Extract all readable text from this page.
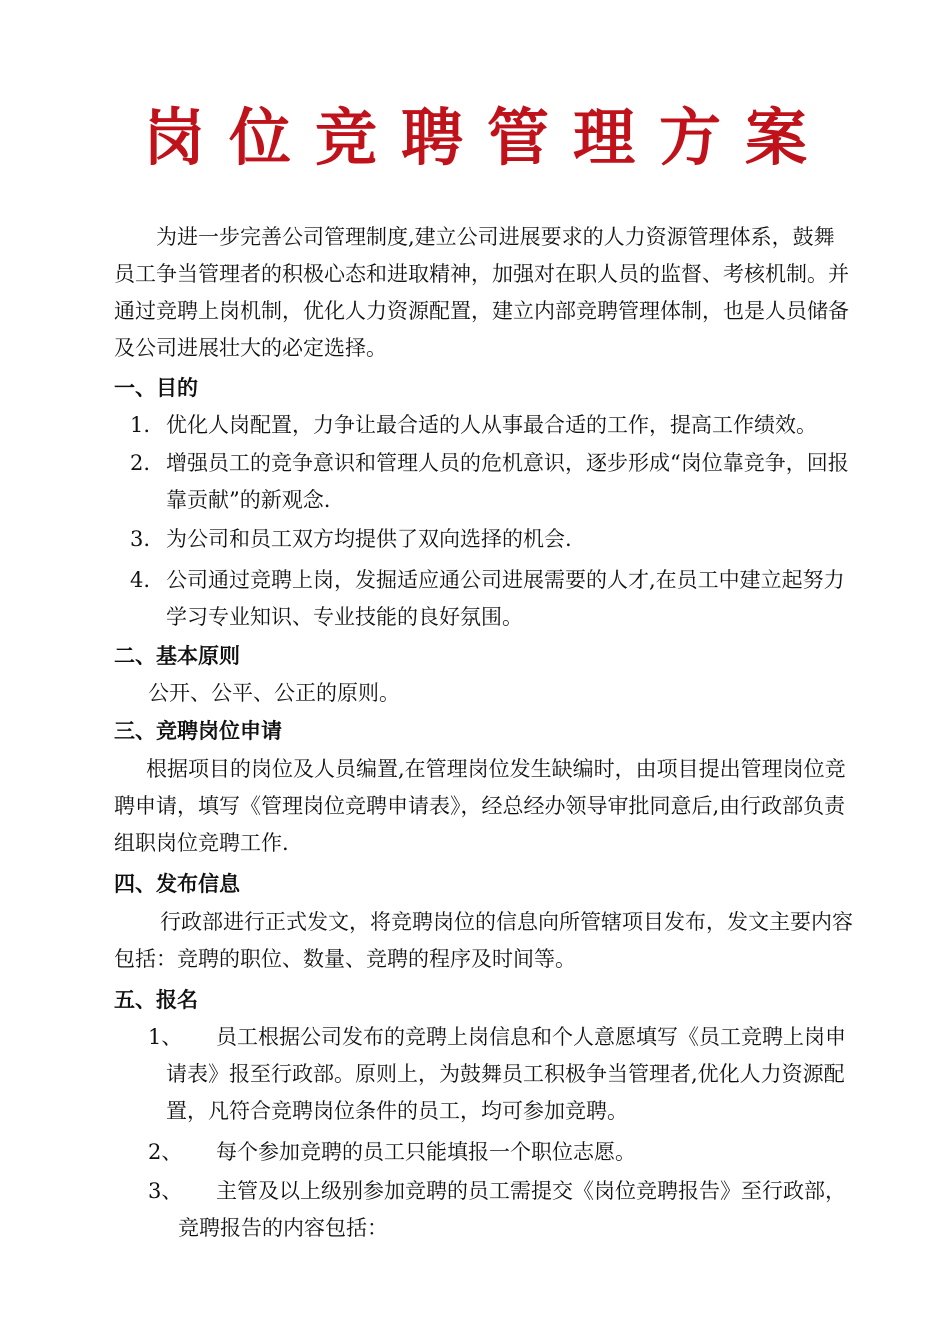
岗位竞聘管理方案

为进一步完善公司管理制度,建立公司进展要求的人力资源管理体系，鼓舞员工争当管理者的积极心态和进取精神，加强对在职人员的监督、考核机制。并通过竞聘上岗机制，优化人力资源配置，建立内部竞聘管理体制，也是人员储备及公司进展壮大的必定选择。

一、目的
1. 优化人岗配置，力争让最合适的人从事最合适的工作，提高工作绩效。
2. 增强员工的竞争意识和管理人员的危机意识，逐步形成“岗位靠竞争，回报靠贡献”的新观念.
3. 为公司和员工双方均提供了双向选择的机会.
4. 公司通过竞聘上岗，发掘适应通公司进展需要的人才,在员工中建立起努力学习专业知识、专业技能的良好氛围。
二、基本原则

公开、公平、公正的原则。

三、竞聘岗位申请

根据项目的岗位及人员编置,在管理岗位发生缺编时，由项目提出管理岗位竞聘申请，填写《管理岗位竞聘申请表》，经总经办领导审批同意后,由行政部负责组职岗位竞聘工作.

四、发布信息

行政部进行正式发文，将竞聘岗位的信息向所管辖项目发布，发文主要内容包括：竞聘的职位、数量、竞聘的程序及时间等。

五、报名
1、	员工根据公司发布的竞聘上岗信息和个人意愿填写《员工竞聘上岗申请表》报至行政部。原则上，为鼓舞员工积极争当管理者,优化人力资源配置，凡符合竞聘岗位条件的员工，均可参加竞聘。
2、 每个参加竞聘的员工只能填报一个职位志愿。
3、	主管及以上级别参加竞聘的员工需提交《岗位竞聘报告》至行政部，竞聘报告的内容包括：
